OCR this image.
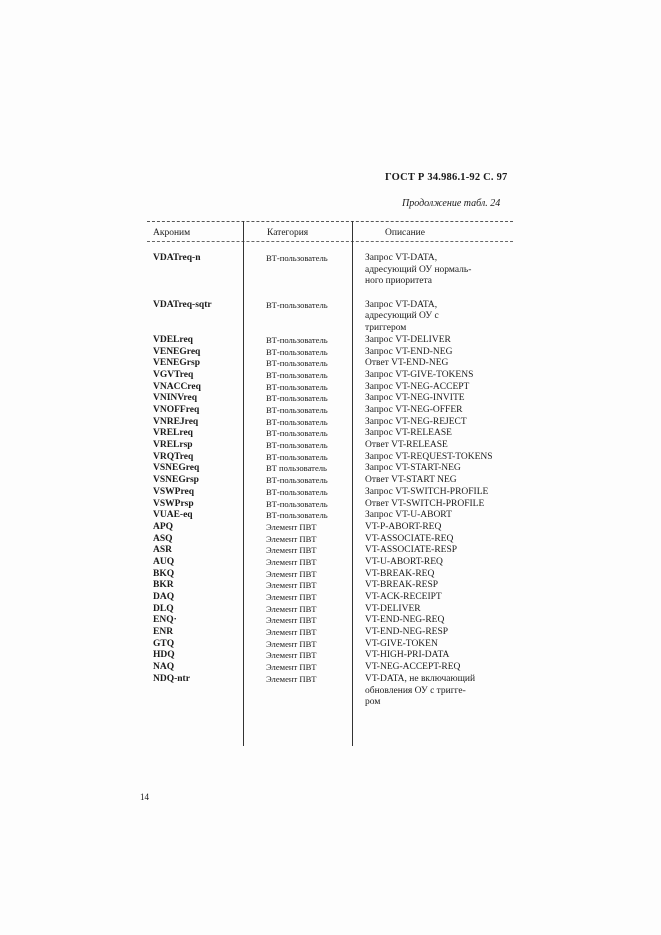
ГОСТ Р 34.986.1-92 С. 97
Продолжение табл. 24
Акроним	Категория	Описание
VDATreq-n	ВТ-пользователь	Запрос VT-DATA,
адресующий ОУ нормаль-
ного приоритета
VDATreq-sqtr	ВТ-пользователь	Запрос VT-DATA,
адресующий ОУ с
триггером
VDELreq	ВТ-пользователь	Запрос VT-DELIVER
VENEGreq	ВТ-пользователь	Запрос VT-END-NEG
VENEGrsp	ВТ-пользователь	Ответ VT-END-NEG
VGVTreq	ВТ-пользователь	Запрос VT-GIVE-TOKENS
VNACCreq	ВТ-пользователь	Запрос VT-NEG-ACCEPT
VNINVreq	ВТ-пользователь	Запрос VT-NEG-INVITE
VNOFFreq	ВТ-пользователь	Запрос VT-NEG-OFFER
VNREJreq	ВТ-пользователь	Запрос VT-NEG-REJECT
VRELreq	ВТ-пользователь	Запрос VT-RELEASE
VRELrsp	ВТ-пользователь	Ответ VT-RELEASE
VRQTreq	ВТ-пользователь	Запрос VT-REQUEST-TOKENS
VSNEGreq	ВТ пользователь	Запрос VT-START-NEG
VSNEGrsp	ВТ-пользователь	Ответ VT-START NEG
VSWPreq	ВТ-пользователь	Запрос VT-SWITCH-PROFILE
VSWPrsp	ВТ-пользователь	Ответ VT-SWITCH-PROFILE
VUAE-eq	ВТ-пользователь	Запрос VT-U-ABORT
APQ	Элемент ПВТ	VT-P-ABORT-REQ
ASQ	Элемент ПВТ	VT-ASSOCIATE-REQ
ASR	Элемент ПВТ	VT-ASSOCIATE-RESP
AUQ	Элемент ПВТ	VT-U-ABORT-REQ
BKQ	Элемент ПВТ	VT-BREAK-REQ
BKR	Элемент ПВТ	VT-BREAK-RESP
DAQ	Элемент ПВТ	VT-ACK-RECEIPT
DLQ	Элемент ПВТ	VT-DELIVER
ENQ·	Элемент ПВТ	VT-END-NEG-REQ
ENR	Элемент ПВТ	VT-END-NEG-RESP
GTQ	Элемент ПВТ	VT-GIVE-TOKEN
HDQ	Элемент ПВТ	VT-HIGH-PRI-DATA
NAQ	Элемент ПВТ	VT-NEG-ACCEPT-REQ
NDQ-ntr	Элемент ПВТ	VT-DATA, не включающий
обновления ОУ с тригге-
ром
14
